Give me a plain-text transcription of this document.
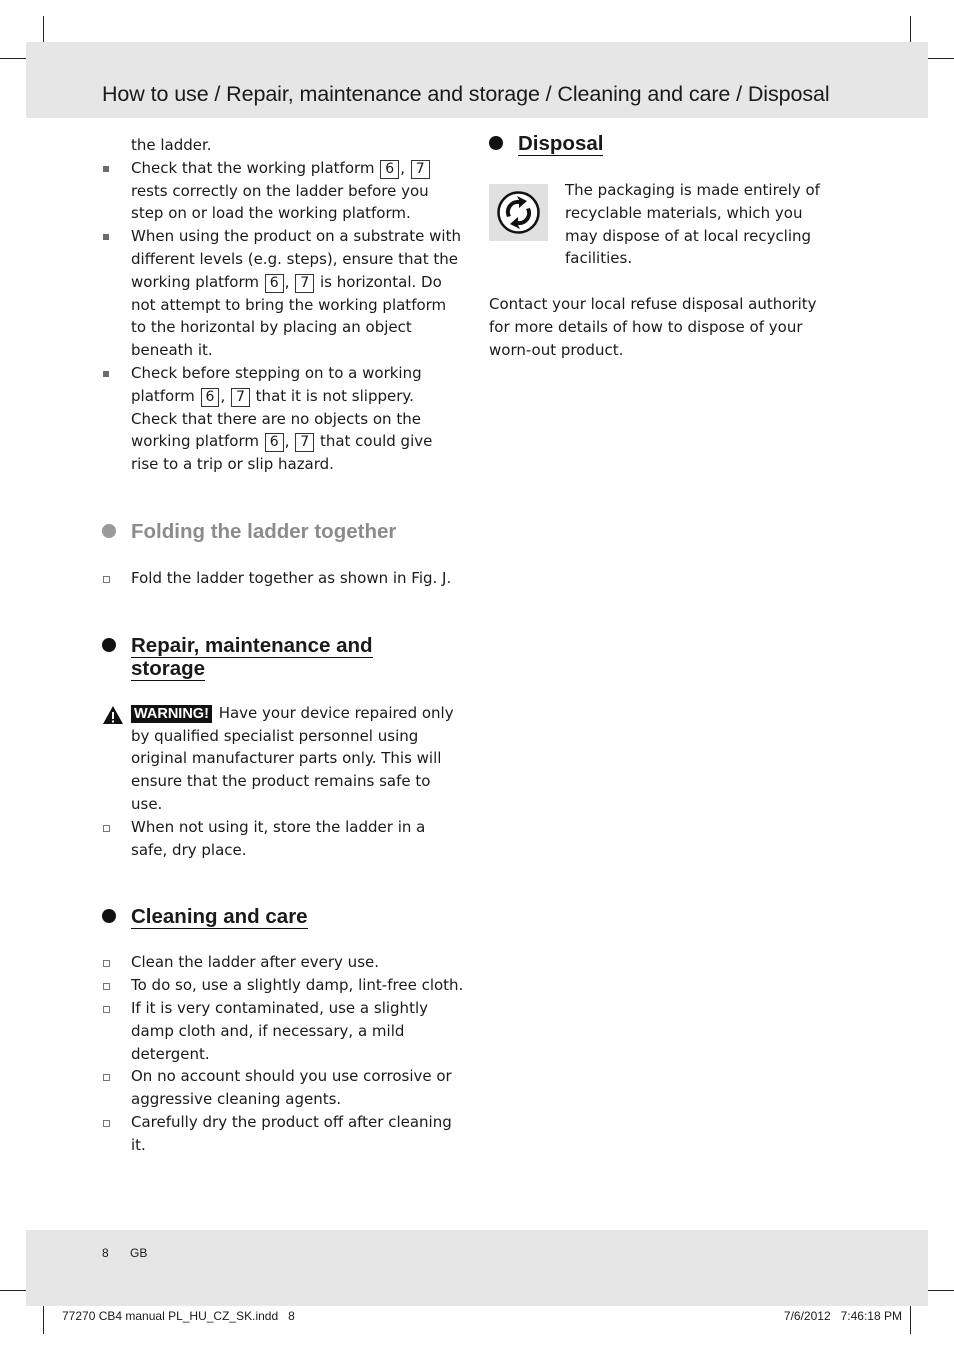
How to use / Repair, maintenance and storage / Cleaning and care / Disposal

the ladder.

Check that the working platform 6 , 7 rests correctly on the ladder before you step on or load the working platform.

When using the product on a substrate with different levels (e.g. steps), ensure that the working platform 6 , 7 is horizontal. Do not attempt to bring the working platform to the horizontal by placing an object beneath it.

Check before stepping on to a working platform 6 , 7 that it is not slippery. Check that there are no objects on the working platform 6 , 7 that could give rise to a trip or slip hazard.

Folding the ladder together

Fold the ladder together as shown in Fig. J.

Repair, maintenance and
storage

WARNING! Have your device repaired only by qualified specialist personnel using original manufacturer parts only. This will ensure that the product remains safe to use.

When not using it, store the ladder in a safe, dry place.

Cleaning and care

Clean the ladder after every use.

To do so, use a slightly damp, lint-free cloth.

If it is very contaminated, use a slightly damp cloth and, if necessary, a mild detergent.

On no account should you use corrosive or aggressive cleaning agents.

Carefully dry the product off after cleaning it.

Disposal

The packaging is made entirely of recyclable materials, which you may dispose of at local recycling facilities.

Contact your local refuse disposal authority for more details of how to dispose of your worn-out product.

8 GB
77270 CB4 manual PL_HU_CZ_SK.indd   8	7/6/2012   7:46:18 PM
